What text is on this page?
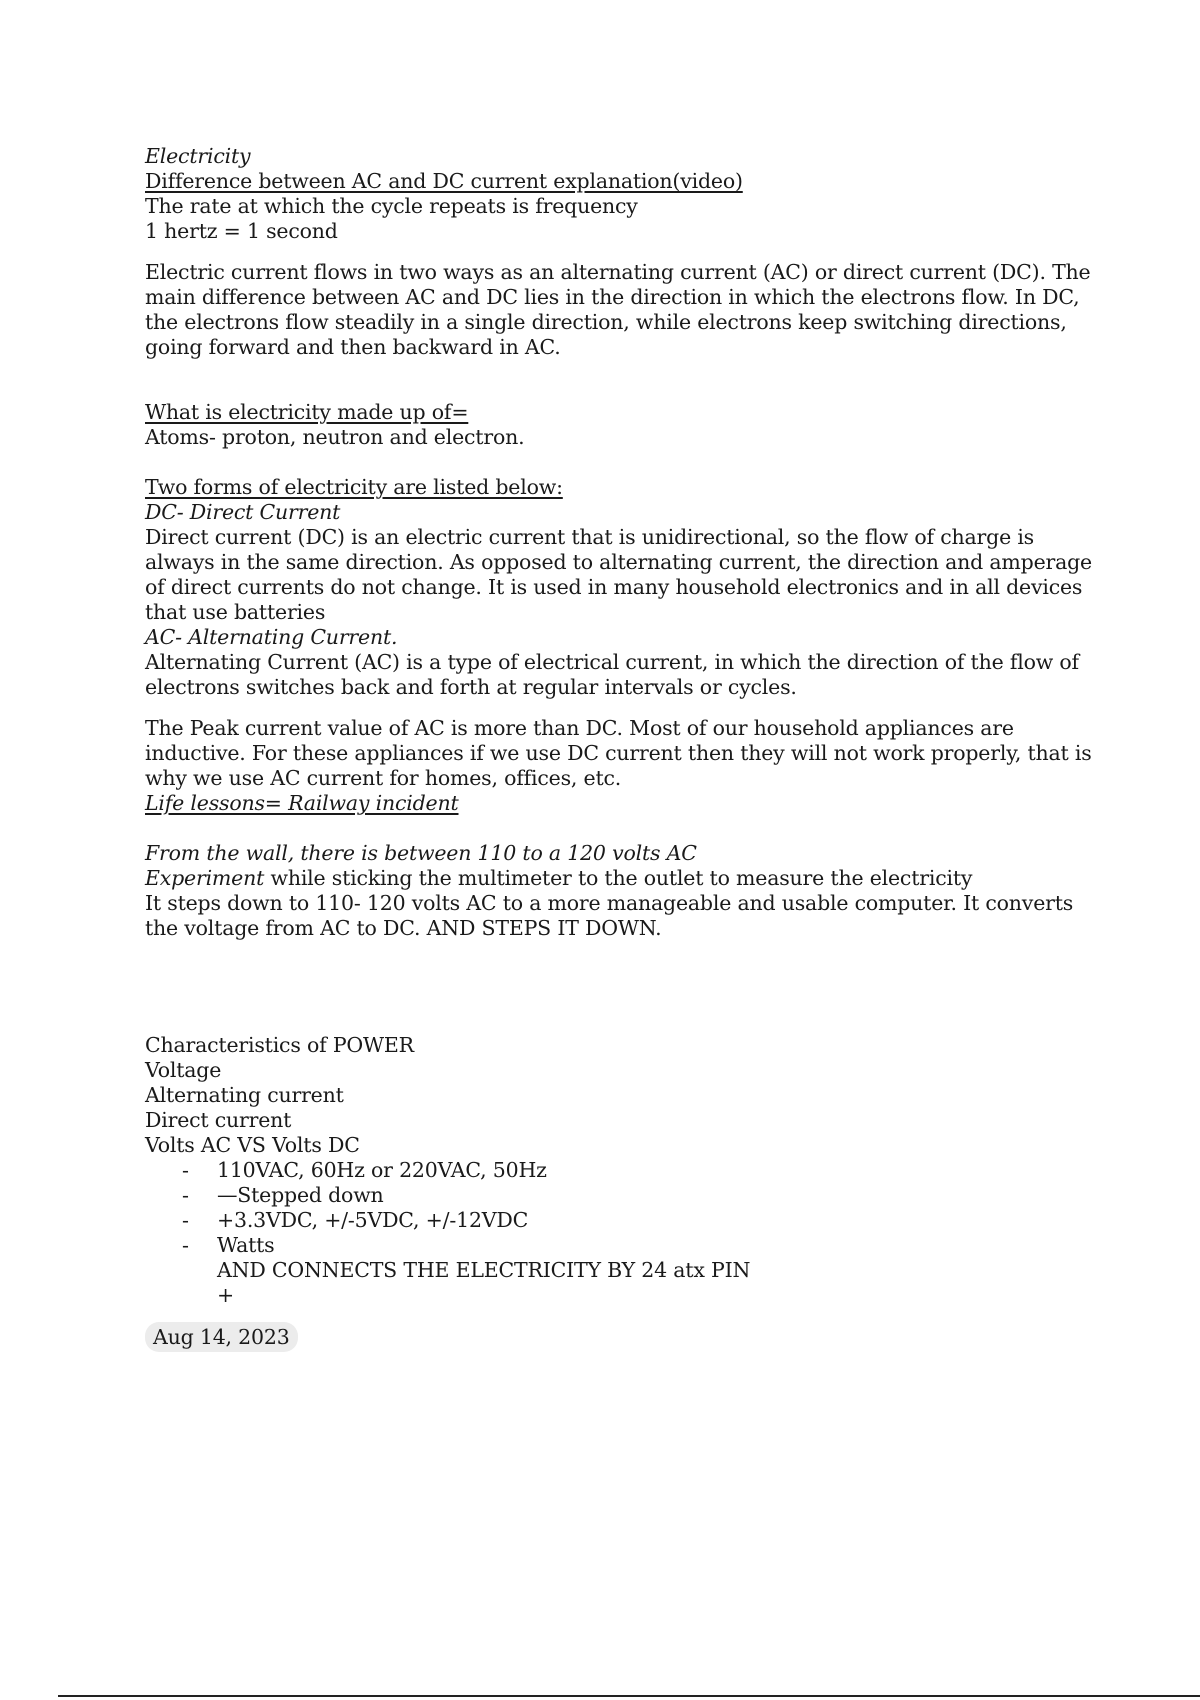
Electricity
Difference between AC and DC current explanation(video)
The rate at which the cycle repeats is frequency
1 hertz = 1 second
Electric current flows in two ways as an alternating current (AC) or direct current (DC). The main difference between AC and DC lies in the direction in which the electrons flow. In DC, the electrons flow steadily in a single direction, while electrons keep switching directions, going forward and then backward in AC.
What is electricity made up of=
Atoms- proton, neutron and electron.
Two forms of electricity are listed below:
DC- Direct Current
Direct current (DC) is an electric current that is unidirectional, so the flow of charge is always in the same direction. As opposed to alternating current, the direction and amperage of direct currents do not change. It is used in many household electronics and in all devices that use batteries
AC- Alternating Current.
Alternating Current (AC) is a type of electrical current, in which the direction of the flow of electrons switches back and forth at regular intervals or cycles.
The Peak current value of AC is more than DC. Most of our household appliances are inductive. For these appliances if we use DC current then they will not work properly, that is why we use AC current for homes, offices, etc.
Life lessons= Railway incident
From the wall, there is between 110 to a 120 volts AC
Experiment while sticking the multimeter to the outlet to measure the electricity
It steps down to 110- 120 volts AC to a more manageable and usable computer. It converts the voltage from AC to DC. AND STEPS IT DOWN.
Characteristics of POWER
Voltage
Alternating current
Direct current
Volts AC VS Volts DC
- 110VAC, 60Hz or 220VAC, 50Hz
- —Stepped down
- +3.3VDC, +/-5VDC, +/-12VDC
- Watts
AND CONNECTS THE ELECTRICITY BY 24 atx PIN
+
Aug 14, 2023
